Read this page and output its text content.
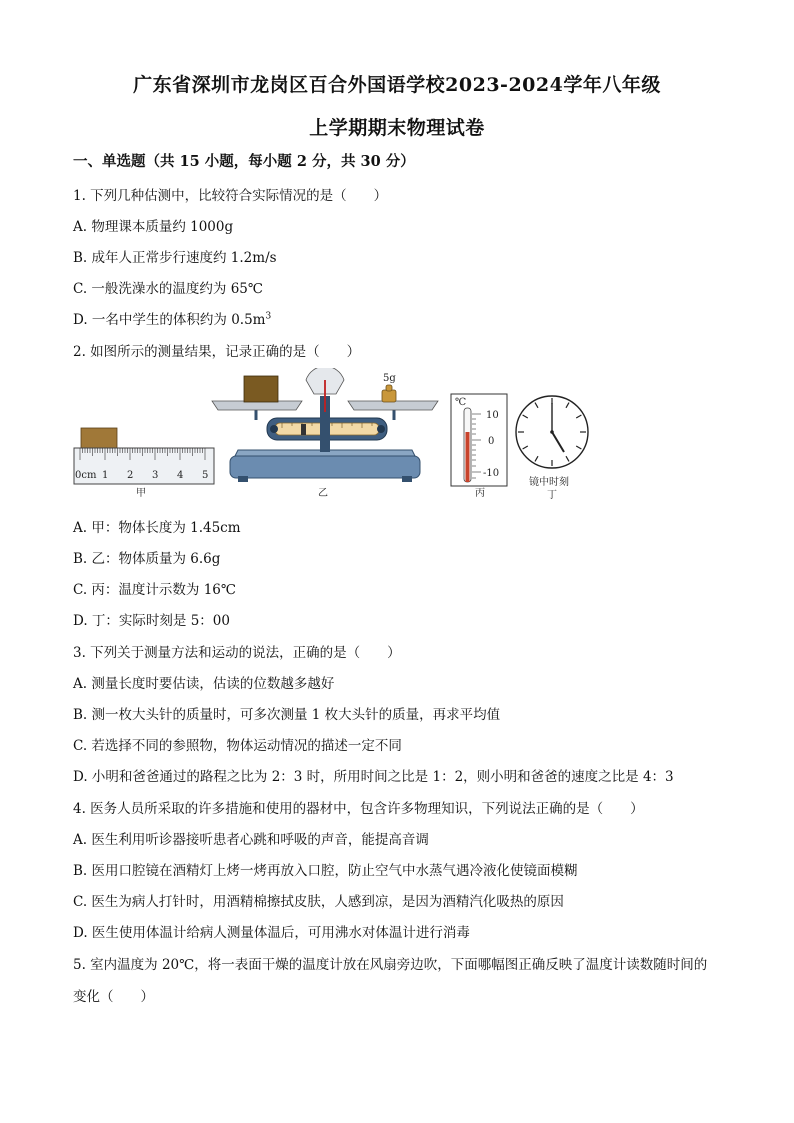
广东省深圳市龙岗区百合外国语学校2023-2024学年八年级
上学期期末物理试卷
一、单选题（共 15 小题，每小题 2 分，共 30 分）
1. 下列几种估测中，比较符合实际情况的是（　　）
A. 物理课本质量约 1000g
B. 成年人正常步行速度约 1.2m/s
C. 一般洗澡水的温度约为 65℃
D. 一名中学生的体积约为 $0.5m^3$
2. 如图所示的测量结果，记录正确的是（　　）
0cm 1 2 3 4 5
甲
5g
乙
℃
10
0
-10
丙
镜中时刻
丁
A. 甲：物体长度为 1.45cm
B. 乙：物体质量为 6.6g
C. 丙：温度计示数为 16℃
D. 丁：实际时刻是 5：00
3. 下列关于测量方法和运动的说法，正确的是（　　）
A. 测量长度时要估读，估读的位数越多越好
B. 测一枚大头针的质量时，可多次测量 1 枚大头针的质量，再求平均值
C. 若选择不同的参照物，物体运动情况的描述一定不同
D. 小明和爸爸通过的路程之比为 2：3 时，所用时间之比是 1：2，则小明和爸爸的速度之比是 4：3
4. 医务人员所采取的许多措施和使用的器材中，包含许多物理知识，下列说法正确的是（　　）
A. 医生利用听诊器接听患者心跳和呼吸的声音，能提高音调
B. 医用口腔镜在酒精灯上烤一烤再放入口腔，防止空气中水蒸气遇冷液化使镜面模糊
C. 医生为病人打针时，用酒精棉擦拭皮肤，人感到凉，是因为酒精汽化吸热的原因
D. 医生使用体温计给病人测量体温后，可用沸水对体温计进行消毒
5. 室内温度为 20℃，将一表面干燥的温度计放在风扇旁边吹，下面哪幅图正确反映了温度计读数随时间的
变化（　　）
